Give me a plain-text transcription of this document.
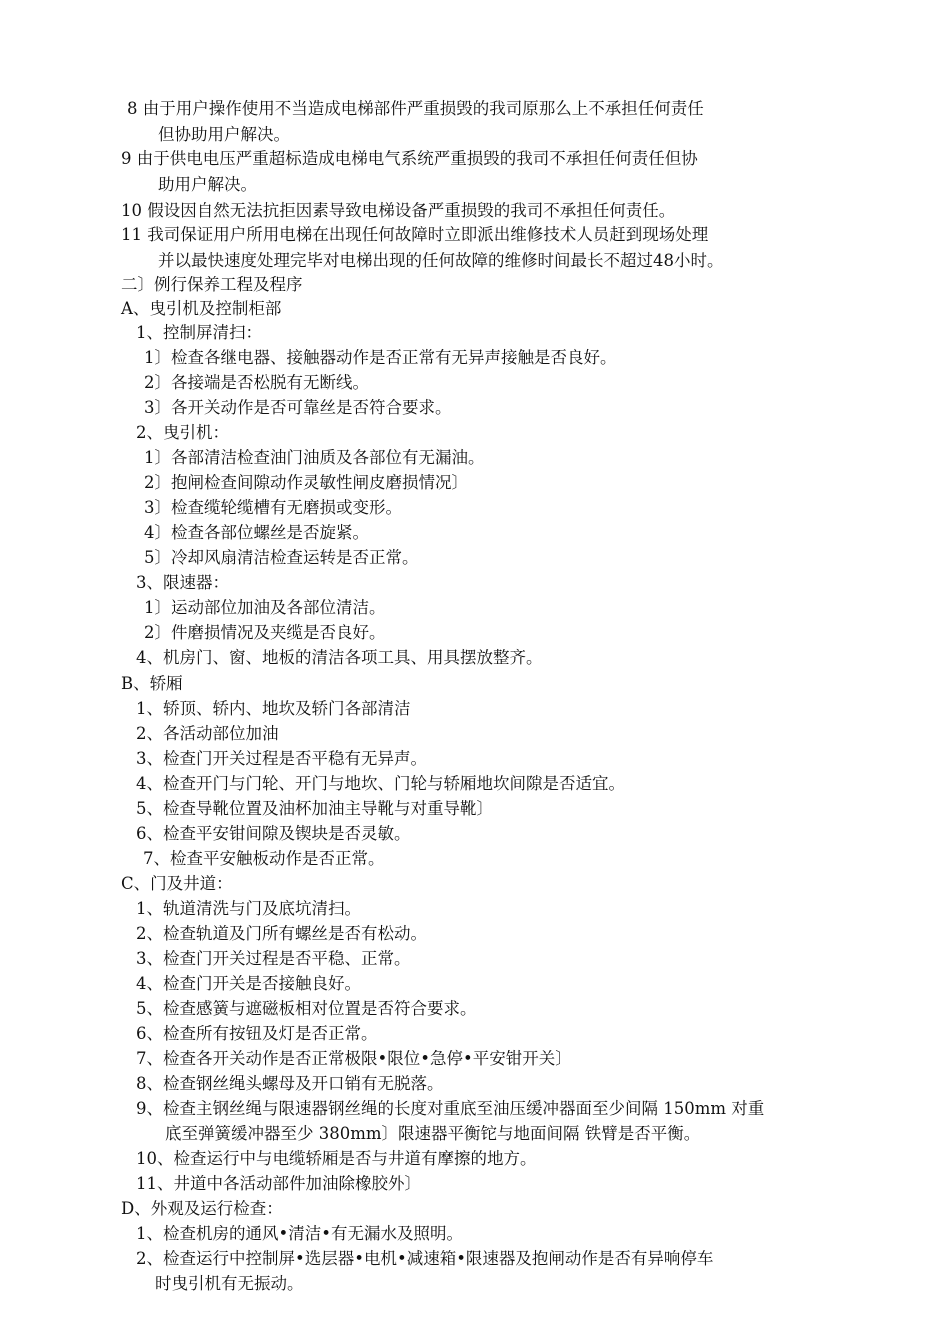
8 由于用户操作使用不当造成电梯部件严重损毁的我司原那么上不承担任何责任
但协助用户解决。
9 由于供电电压严重超标造成电梯电气系统严重损毁的我司不承担任何责任但协
助用户解决。
10 假设因自然无法抗拒因素导致电梯设备严重损毁的我司不承担任何责任。
11 我司保证用户所用电梯在出现任何故障时立即派出维修技术人员赶到现场处理
并以最快速度处理完毕对电梯出现的任何故障的维修时间最长不超过48小时。
二〕例行保养工程及程序
A、曳引机及控制柜部
1、控制屏清扫：
1〕检查各继电器、接触器动作是否正常有无异声接触是否良好。
2〕各接端是否松脱有无断线。
3〕各开关动作是否可靠丝是否符合要求。
2、曳引机：
1〕各部清洁检查油门油质及各部位有无漏油。
2〕抱闸检查间隙动作灵敏性闸皮磨损情况〕
3〕检查缆轮缆槽有无磨损或变形。
4〕检查各部位螺丝是否旋紧。
5〕冷却风扇清洁检查运转是否正常。
3、限速器：
1〕运动部位加油及各部位清洁。
2〕件磨损情况及夹缆是否良好。
4、机房门、窗、地板的清洁各项工具、用具摆放整齐。
B、轿厢
1、轿顶、轿内、地坎及轿门各部清洁
2、各活动部位加油
3、检查门开关过程是否平稳有无异声。
4、检查开门与门轮、开门与地坎、门轮与轿厢地坎间隙是否适宜。
5、检查导靴位置及油杯加油主导靴与对重导靴〕
6、检查平安钳间隙及锲块是否灵敏。
7、检查平安触板动作是否正常。
C、门及井道：
1、轨道清洗与门及底坑清扫。
2、检查轨道及门所有螺丝是否有松动。
3、检查门开关过程是否平稳、正常。
4、检查门开关是否接触良好。
5、检查感簧与遮磁板相对位置是否符合要求。
6、检查所有按钮及灯是否正常。
7、检查各开关动作是否正常极限•限位•急停•平安钳开关〕
8、检查钢丝绳头螺母及开口销有无脱落。
9、检查主钢丝绳与限速器钢丝绳的长度对重底至油压缓冲器面至少间隔 150mm 对重
底至弹簧缓冲器至少 380mm〕限速器平衡铊与地面间隔 铁臂是否平衡。
10、检查运行中与电缆轿厢是否与井道有摩擦的地方。
11、井道中各活动部件加油除橡胶外〕
D、外观及运行检查：
1、检查机房的通风•清洁•有无漏水及照明。
2、检查运行中控制屏•选层器•电机•减速箱•限速器及抱闸动作是否有异响停车
时曳引机有无振动。
